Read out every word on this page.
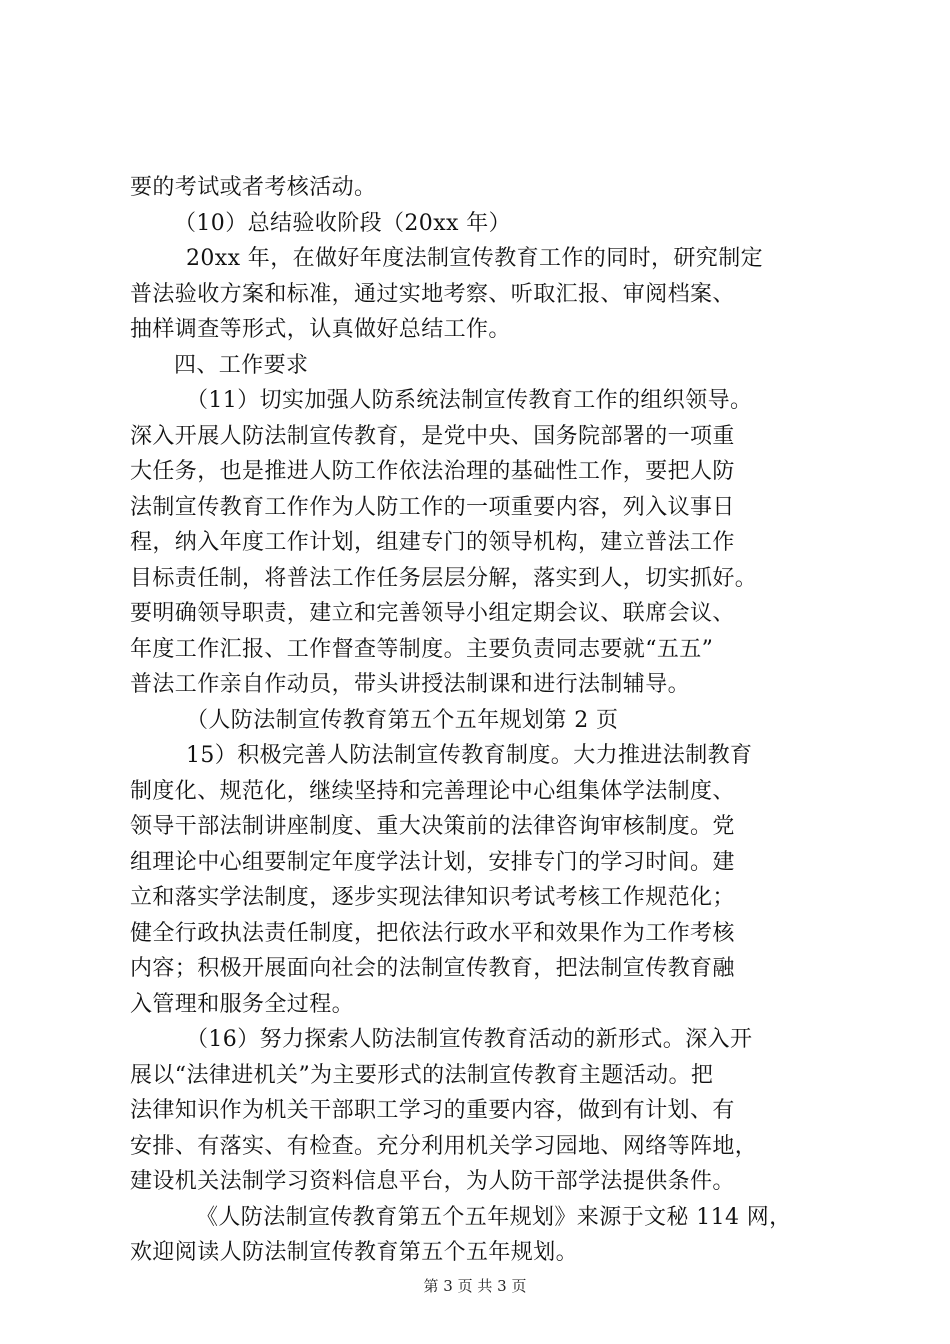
要的考试或者考核活动。
（10）总结验收阶段（20xx 年）
20xx 年，在做好年度法制宣传教育工作的同时，研究制定
普法验收方案和标准，通过实地考察、听取汇报、审阅档案、
抽样调查等形式，认真做好总结工作。
四、工作要求
（11）切实加强人防系统法制宣传教育工作的组织领导。
深入开展人防法制宣传教育，是党中央、国务院部署的一项重
大任务，也是推进人防工作依法治理的基础性工作，要把人防
法制宣传教育工作作为人防工作的一项重要内容，列入议事日
程，纳入年度工作计划，组建专门的领导机构，建立普法工作
目标责任制，将普法工作任务层层分解，落实到人，切实抓好。
要明确领导职责，建立和完善领导小组定期会议、联席会议、
年度工作汇报、工作督查等制度。主要负责同志要就“五五”
普法工作亲自作动员，带头讲授法制课和进行法制辅导。
（人防法制宣传教育第五个五年规划第 2 页
15）积极完善人防法制宣传教育制度。大力推进法制教育
制度化、规范化，继续坚持和完善理论中心组集体学法制度、
领导干部法制讲座制度、重大决策前的法律咨询审核制度。党
组理论中心组要制定年度学法计划，安排专门的学习时间。建
立和落实学法制度，逐步实现法律知识考试考核工作规范化；
健全行政执法责任制度，把依法行政水平和效果作为工作考核
内容；积极开展面向社会的法制宣传教育，把法制宣传教育融
入管理和服务全过程。
（16）努力探索人防法制宣传教育活动的新形式。深入开
展以“法律进机关”为主要形式的法制宣传教育主题活动。把
法律知识作为机关干部职工学习的重要内容，做到有计划、有
安排、有落实、有检查。充分利用机关学习园地、网络等阵地，
建设机关法制学习资料信息平台，为人防干部学法提供条件。
《人防法制宣传教育第五个五年规划》来源于文秘 114 网，
欢迎阅读人防法制宣传教育第五个五年规划。
第 3 页 共 3 页
